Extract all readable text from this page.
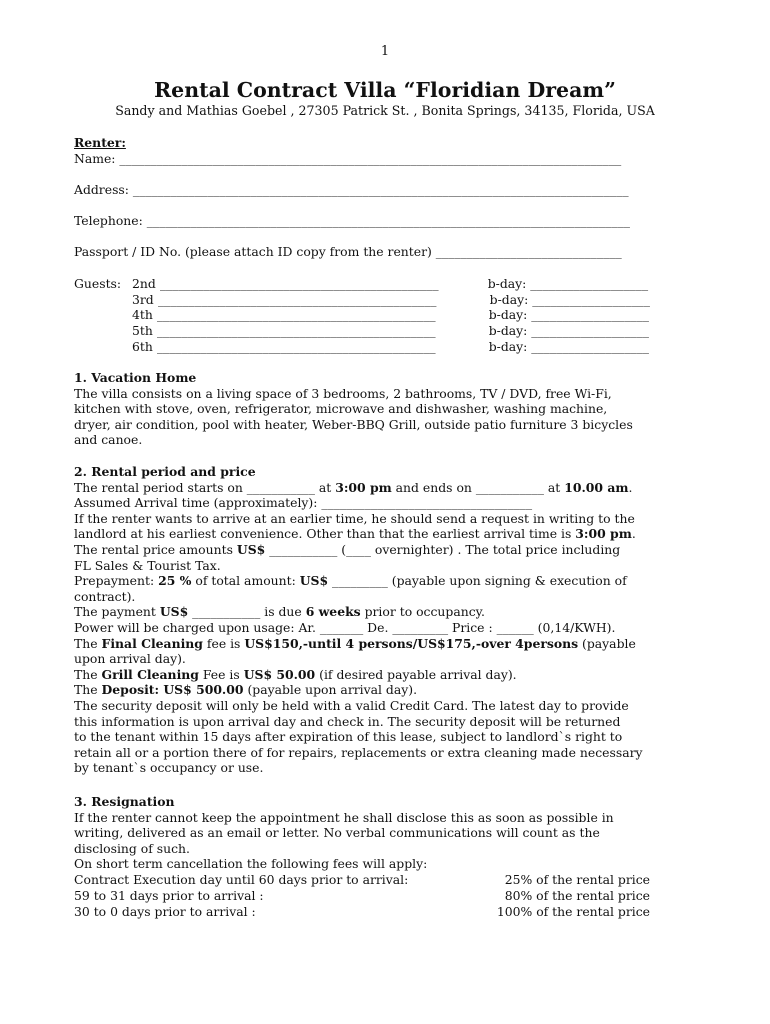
1
Rental Contract Villa “Floridian Dream”
Sandy and Mathias Goebel , 27305 Patrick St. , Bonita Springs, 34135, Florida, USA
Renter:
Name: _________________________________________________________________________________
Address: ________________________________________________________________________________
Telephone: ______________________________________________________________________________
Passport / ID No. (please attach ID copy from the renter) ______________________________
Guests: 2nd _____________________________________________	b-day: ___________________
3rd _____________________________________________	b-day: ___________________
4th _____________________________________________	b-day: ___________________
5th _____________________________________________	b-day: ___________________
6th _____________________________________________	b-day: ___________________
1. Vacation Home
The villa consists on a living space of 3 bedrooms, 2 bathrooms, TV / DVD, free Wi-Fi,
kitchen with stove, oven, refrigerator, microwave and dishwasher, washing machine,
dryer, air condition, pool with heater, Weber-BBQ Grill, outside patio furniture 3 bicycles
and canoe.
2. Rental period and price
The rental period starts on ___________ at 3:00 pm and ends on ___________ at 10.00 am.
Assumed Arrival time (approximately): __________________________________
If the renter wants to arrive at an earlier time, he should send a request in writing to the
landlord at his earliest convenience. Other than that the earliest arrival time is 3:00 pm.
The rental price amounts US$ ___________ (____ overnighter) . The total price including
FL Sales & Tourist Tax.
Prepayment: 25 % of total amount: US$ _________ (payable upon signing & execution of
contract).
The payment US$ ___________ is due 6 weeks prior to occupancy.
Power will be charged upon usage: Ar. _______ De. _________ Price : ______ (0,14/KWH).
The Final Cleaning fee is US$150,-until 4 persons/US$175,-over 4persons (payable
upon arrival day).
The Grill Cleaning Fee is US$ 50.00 (if desired payable arrival day).
The Deposit: US$ 500.00 (payable upon arrival day).
The security deposit will only be held with a valid Credit Card. The latest day to provide
this information is upon arrival day and check in. The security deposit will be returned
to the tenant within 15 days after expiration of this lease, subject to landlord`s right to
retain all or a portion there of for repairs, replacements or extra cleaning made necessary
by tenant`s occupancy or use.
3. Resignation
If the renter cannot keep the appointment he shall disclose this as soon as possible in
writing, delivered as an email or letter. No verbal communications will count as the
disclosing of such.
On short term cancellation the following fees will apply:
Contract Execution day until 60 days prior to arrival:	25% of the rental price
59 to 31 days prior to arrival :	80% of the rental price
30 to 0 days prior to arrival :	100% of the rental price
